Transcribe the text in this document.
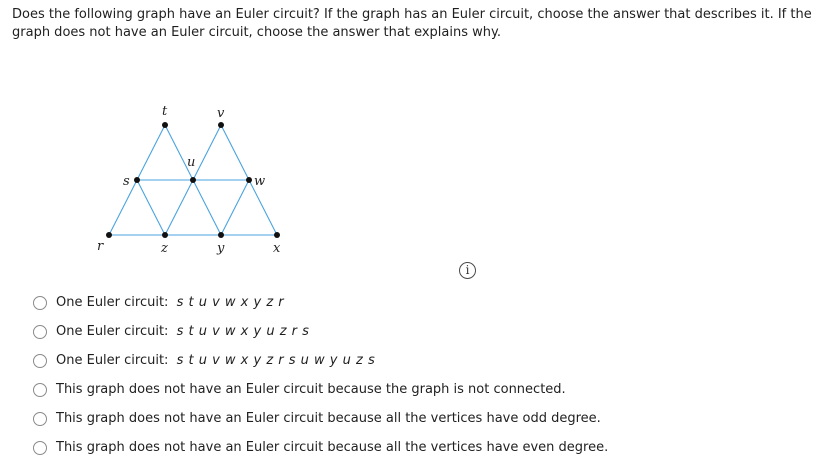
Does the following graph have an Euler circuit? If the graph has an Euler circuit, choose the answer that describes it. If the graph does not have an Euler circuit, choose the answer that explains why.

t	v
s
u
w
r	z	y	x
i
One Euler circuit: s t u v w x y z r
One Euler circuit: s t u v w x y u z r s
One Euler circuit: s t u v w x y z r s u w y u z s
This graph does not have an Euler circuit because the graph is not connected.
This graph does not have an Euler circuit because all the vertices have odd degree.
This graph does not have an Euler circuit because all the vertices have even degree.
